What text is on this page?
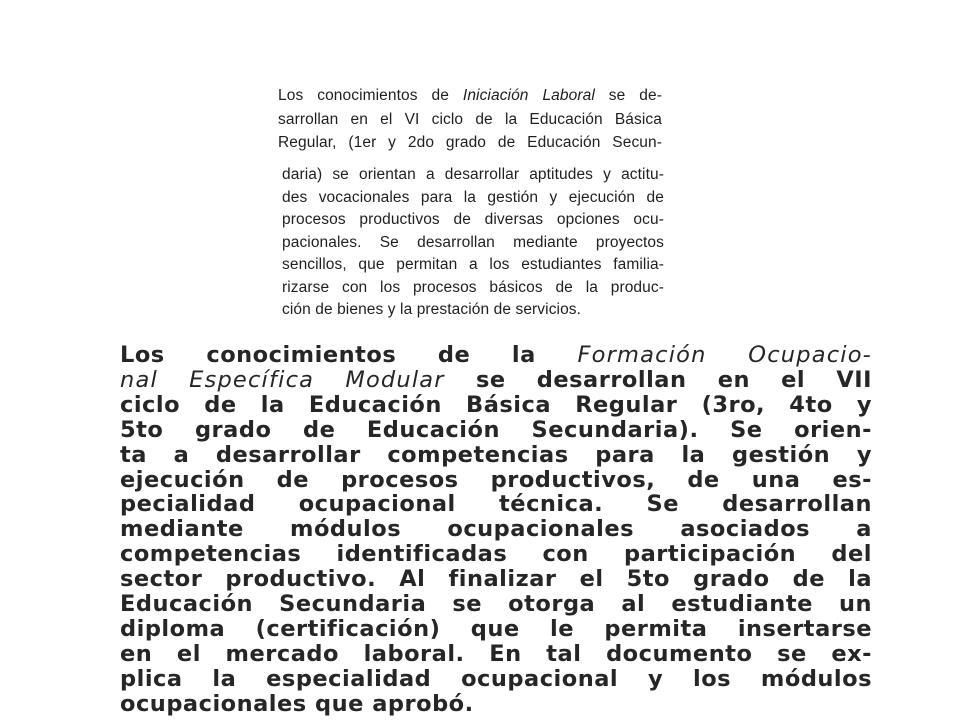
Los conocimientos de Iniciación Laboral se de-
sarrollan en el VI ciclo de la Educación Básica
Regular, (1er y 2do grado de Educación Secun-
daria) se orientan a desarrollar aptitudes y actitu-
des vocacionales para la gestión y ejecución de
procesos productivos de diversas opciones ocu-
pacionales. Se desarrollan mediante proyectos
sencillos, que permitan a los estudiantes familia-
rizarse con los procesos básicos de la produc-
ción de bienes y la prestación de servicios.
Los conocimientos de la Formación Ocupacio-
nal Específica Modular se desarrollan en el VII
ciclo de la Educación Básica Regular (3ro, 4to y
5to grado de Educación Secundaria). Se orien-
ta a desarrollar competencias para la gestión y
ejecución de procesos productivos, de una es-
pecialidad ocupacional técnica. Se desarrollan
mediante módulos ocupacionales asociados a
competencias identificadas con participación del
sector productivo. Al finalizar el 5to grado de la
Educación Secundaria se otorga al estudiante un
diploma (certificación) que le permita insertarse
en el mercado laboral. En tal documento se ex-
plica la especialidad ocupacional y los módulos
ocupacionales que aprobó.
